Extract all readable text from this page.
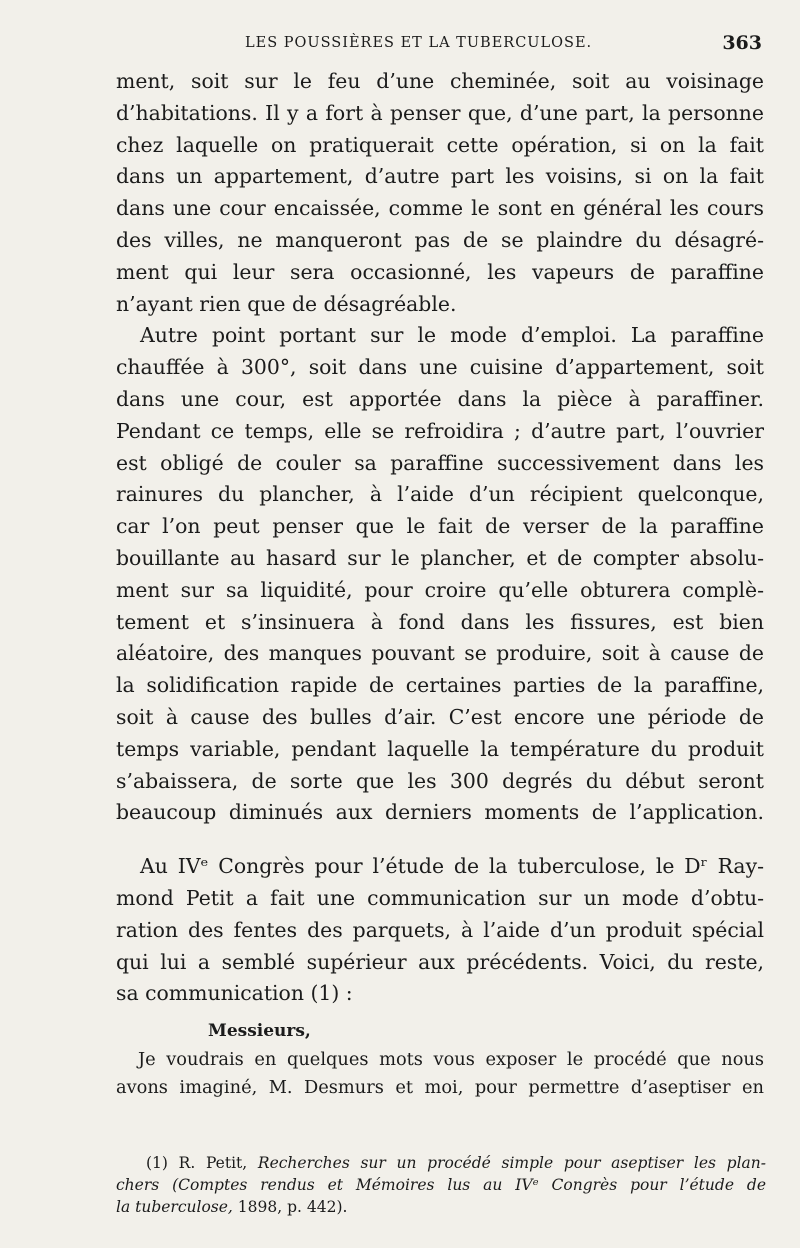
LES POUSSIÈRES ET LA TUBERCULOSE.	363
ment, soit sur le feu d’une cheminée, soit au voisinage
d’habitations. Il y a fort à penser que, d’une part, la personne
chez laquelle on pratiquerait cette opération, si on la fait
dans un appartement, d’autre part les voisins, si on la fait
dans une cour encaissée, comme le sont en général les cours
des villes, ne manqueront pas de se plaindre du désagré-
ment qui leur sera occasionné, les vapeurs de paraffine
n’ayant rien que de désagréable.
Autre point portant sur le mode d’emploi. La paraffine
chauffée à 300°, soit dans une cuisine d’appartement, soit
dans une cour, est apportée dans la pièce à paraffiner.
Pendant ce temps, elle se refroidira ; d’autre part, l’ouvrier
est obligé de couler sa paraffine successivement dans les
rainures du plancher, à l’aide d’un récipient quelconque,
car l’on peut penser que le fait de verser de la paraffine
bouillante au hasard sur le plancher, et de compter absolu-
ment sur sa liquidité, pour croire qu’elle obturera complè-
tement et s’insinuera à fond dans les fissures, est bien
aléatoire, des manques pouvant se produire, soit à cause de
la solidification rapide de certaines parties de la paraffine,
soit à cause des bulles d’air. C’est encore une période de
temps variable, pendant laquelle la température du produit
s’abaissera, de sorte que les 300 degrés du début seront
beaucoup diminués aux derniers moments de l’application.
Au IVᵉ Congrès pour l’étude de la tuberculose, le Dʳ Ray-
mond Petit a fait une communication sur un mode d’obtu-
ration des fentes des parquets, à l’aide d’un produit spécial
qui lui a semblé supérieur aux précédents. Voici, du reste,
sa communication (1) :
Messieurs,
Je voudrais en quelques mots vous exposer le procédé que nous
avons imaginé, M. Desmurs et moi, pour permettre d’aseptiser en
(1) R. Petit, Recherches sur un procédé simple pour aseptiser les plan-
chers (Comptes rendus et Mémoires lus au IVᵉ Congrès pour l’étude de
la tuberculose, 1898, p. 442).
